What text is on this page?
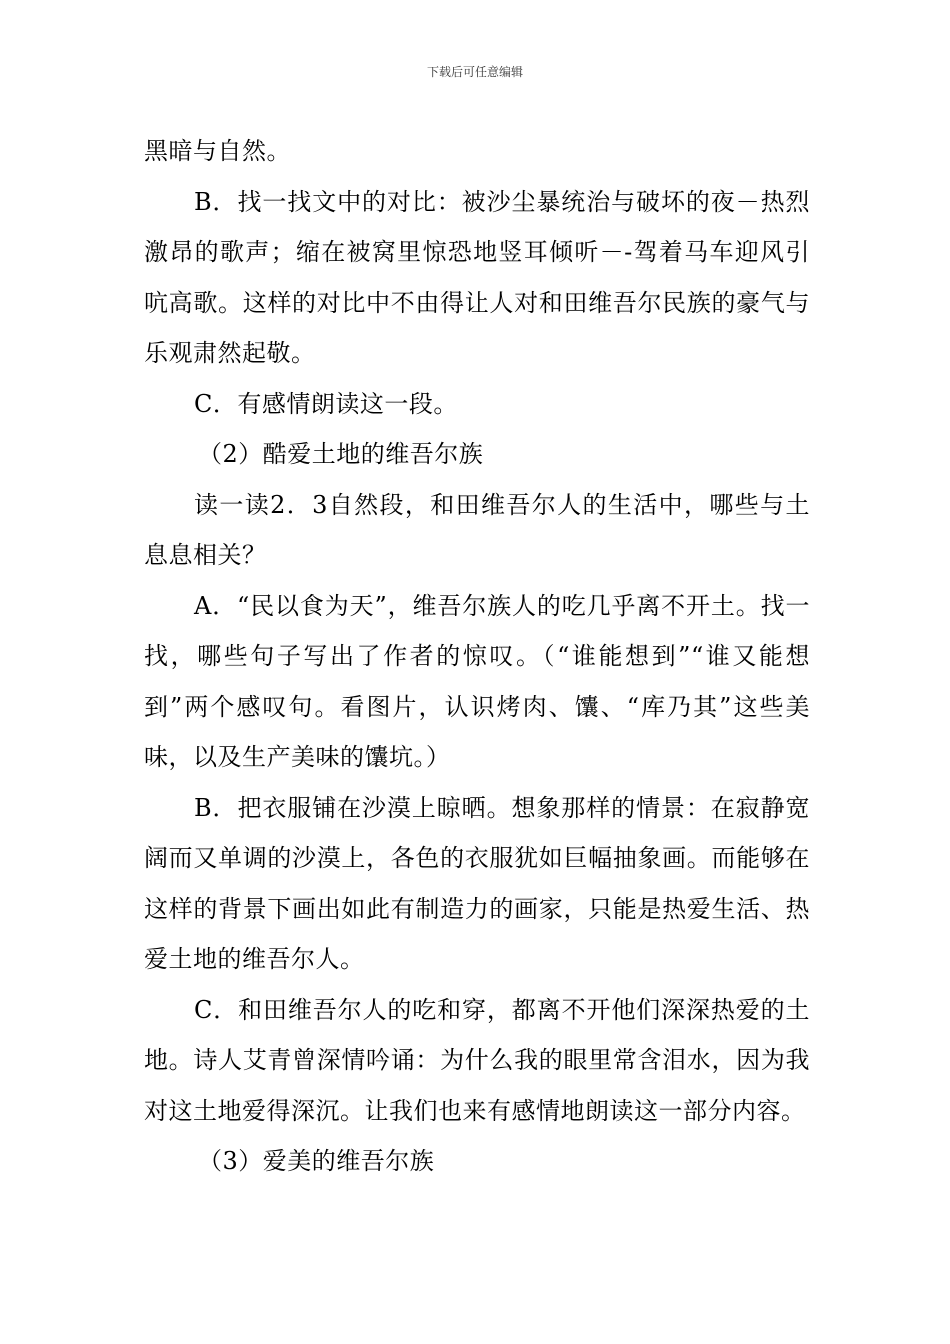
下载后可任意编辑

黑暗与自然。

B．找一找文中的对比：被沙尘暴统治与破坏的夜－热烈激昂的歌声；缩在被窝里惊恐地竖耳倾听－-驾着马车迎风引吭高歌。这样的对比中不由得让人对和田维吾尔民族的豪气与乐观肃然起敬。

C．有感情朗读这一段。

（2）酷爱土地的维吾尔族

读一读2．3自然段，和田维吾尔人的生活中，哪些与土息息相关？

A．“民以食为天”，维吾尔族人的吃几乎离不开土。找一找，哪些句子写出了作者的惊叹。（“谁能想到”“谁又能想到”两个感叹句。看图片，认识烤肉、馕、“库乃其”这些美味，以及生产美味的馕坑。）

B．把衣服铺在沙漠上晾晒。想象那样的情景：在寂静宽阔而又单调的沙漠上，各色的衣服犹如巨幅抽象画。而能够在这样的背景下画出如此有制造力的画家，只能是热爱生活、热爱土地的维吾尔人。

C．和田维吾尔人的吃和穿，都离不开他们深深热爱的土地。诗人艾青曾深情吟诵：为什么我的眼里常含泪水，因为我对这土地爱得深沉。让我们也来有感情地朗读这一部分内容。

（3）爱美的维吾尔族
